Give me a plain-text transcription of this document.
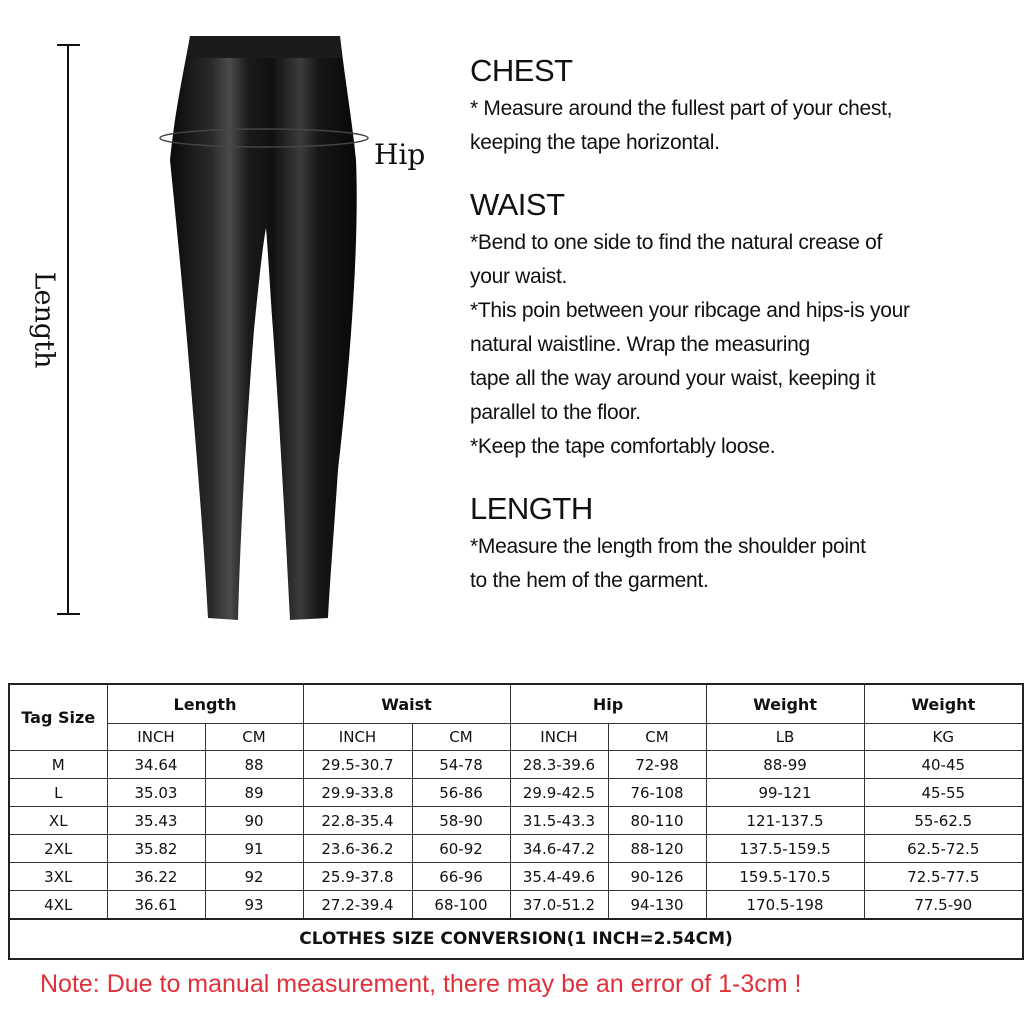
Length
Hip
CHEST

* Measure around the fullest part of your chest,

keeping the tape horizontal.

WAIST

*Bend to one side to find the natural crease of

your waist.

*This poin between your ribcage and hips-is your

natural waistline. Wrap the measuring

tape all the way around your waist, keeping it

parallel to the floor.

*Keep the tape comfortably loose.

LENGTH

*Measure the length from the shoulder point

to the hem of the garment.

Tag Size	Length		Waist		Hip		Weight	Weight
	INCH	CM	INCH	CM	INCH	CM	LB	KG
M	34.64	88	29.5-30.7	54-78	28.3-39.6	72-98	88-99	40-45
L	35.03	89	29.9-33.8	56-86	29.9-42.5	76-108	99-121	45-55
XL	35.43	90	22.8-35.4	58-90	31.5-43.3	80-110	121-137.5	55-62.5
2XL	35.82	91	23.6-36.2	60-92	34.6-47.2	88-120	137.5-159.5	62.5-72.5
3XL	36.22	92	25.9-37.8	66-96	35.4-49.6	90-126	159.5-170.5	72.5-77.5
4XL	36.61	93	27.2-39.4	68-100	37.0-51.2	94-130	170.5-198	77.5-90
CLOTHES SIZE CONVERSION(1 INCH=2.54CM)								
Note: Due to manual measurement, there may be an error of 1-3cm !
